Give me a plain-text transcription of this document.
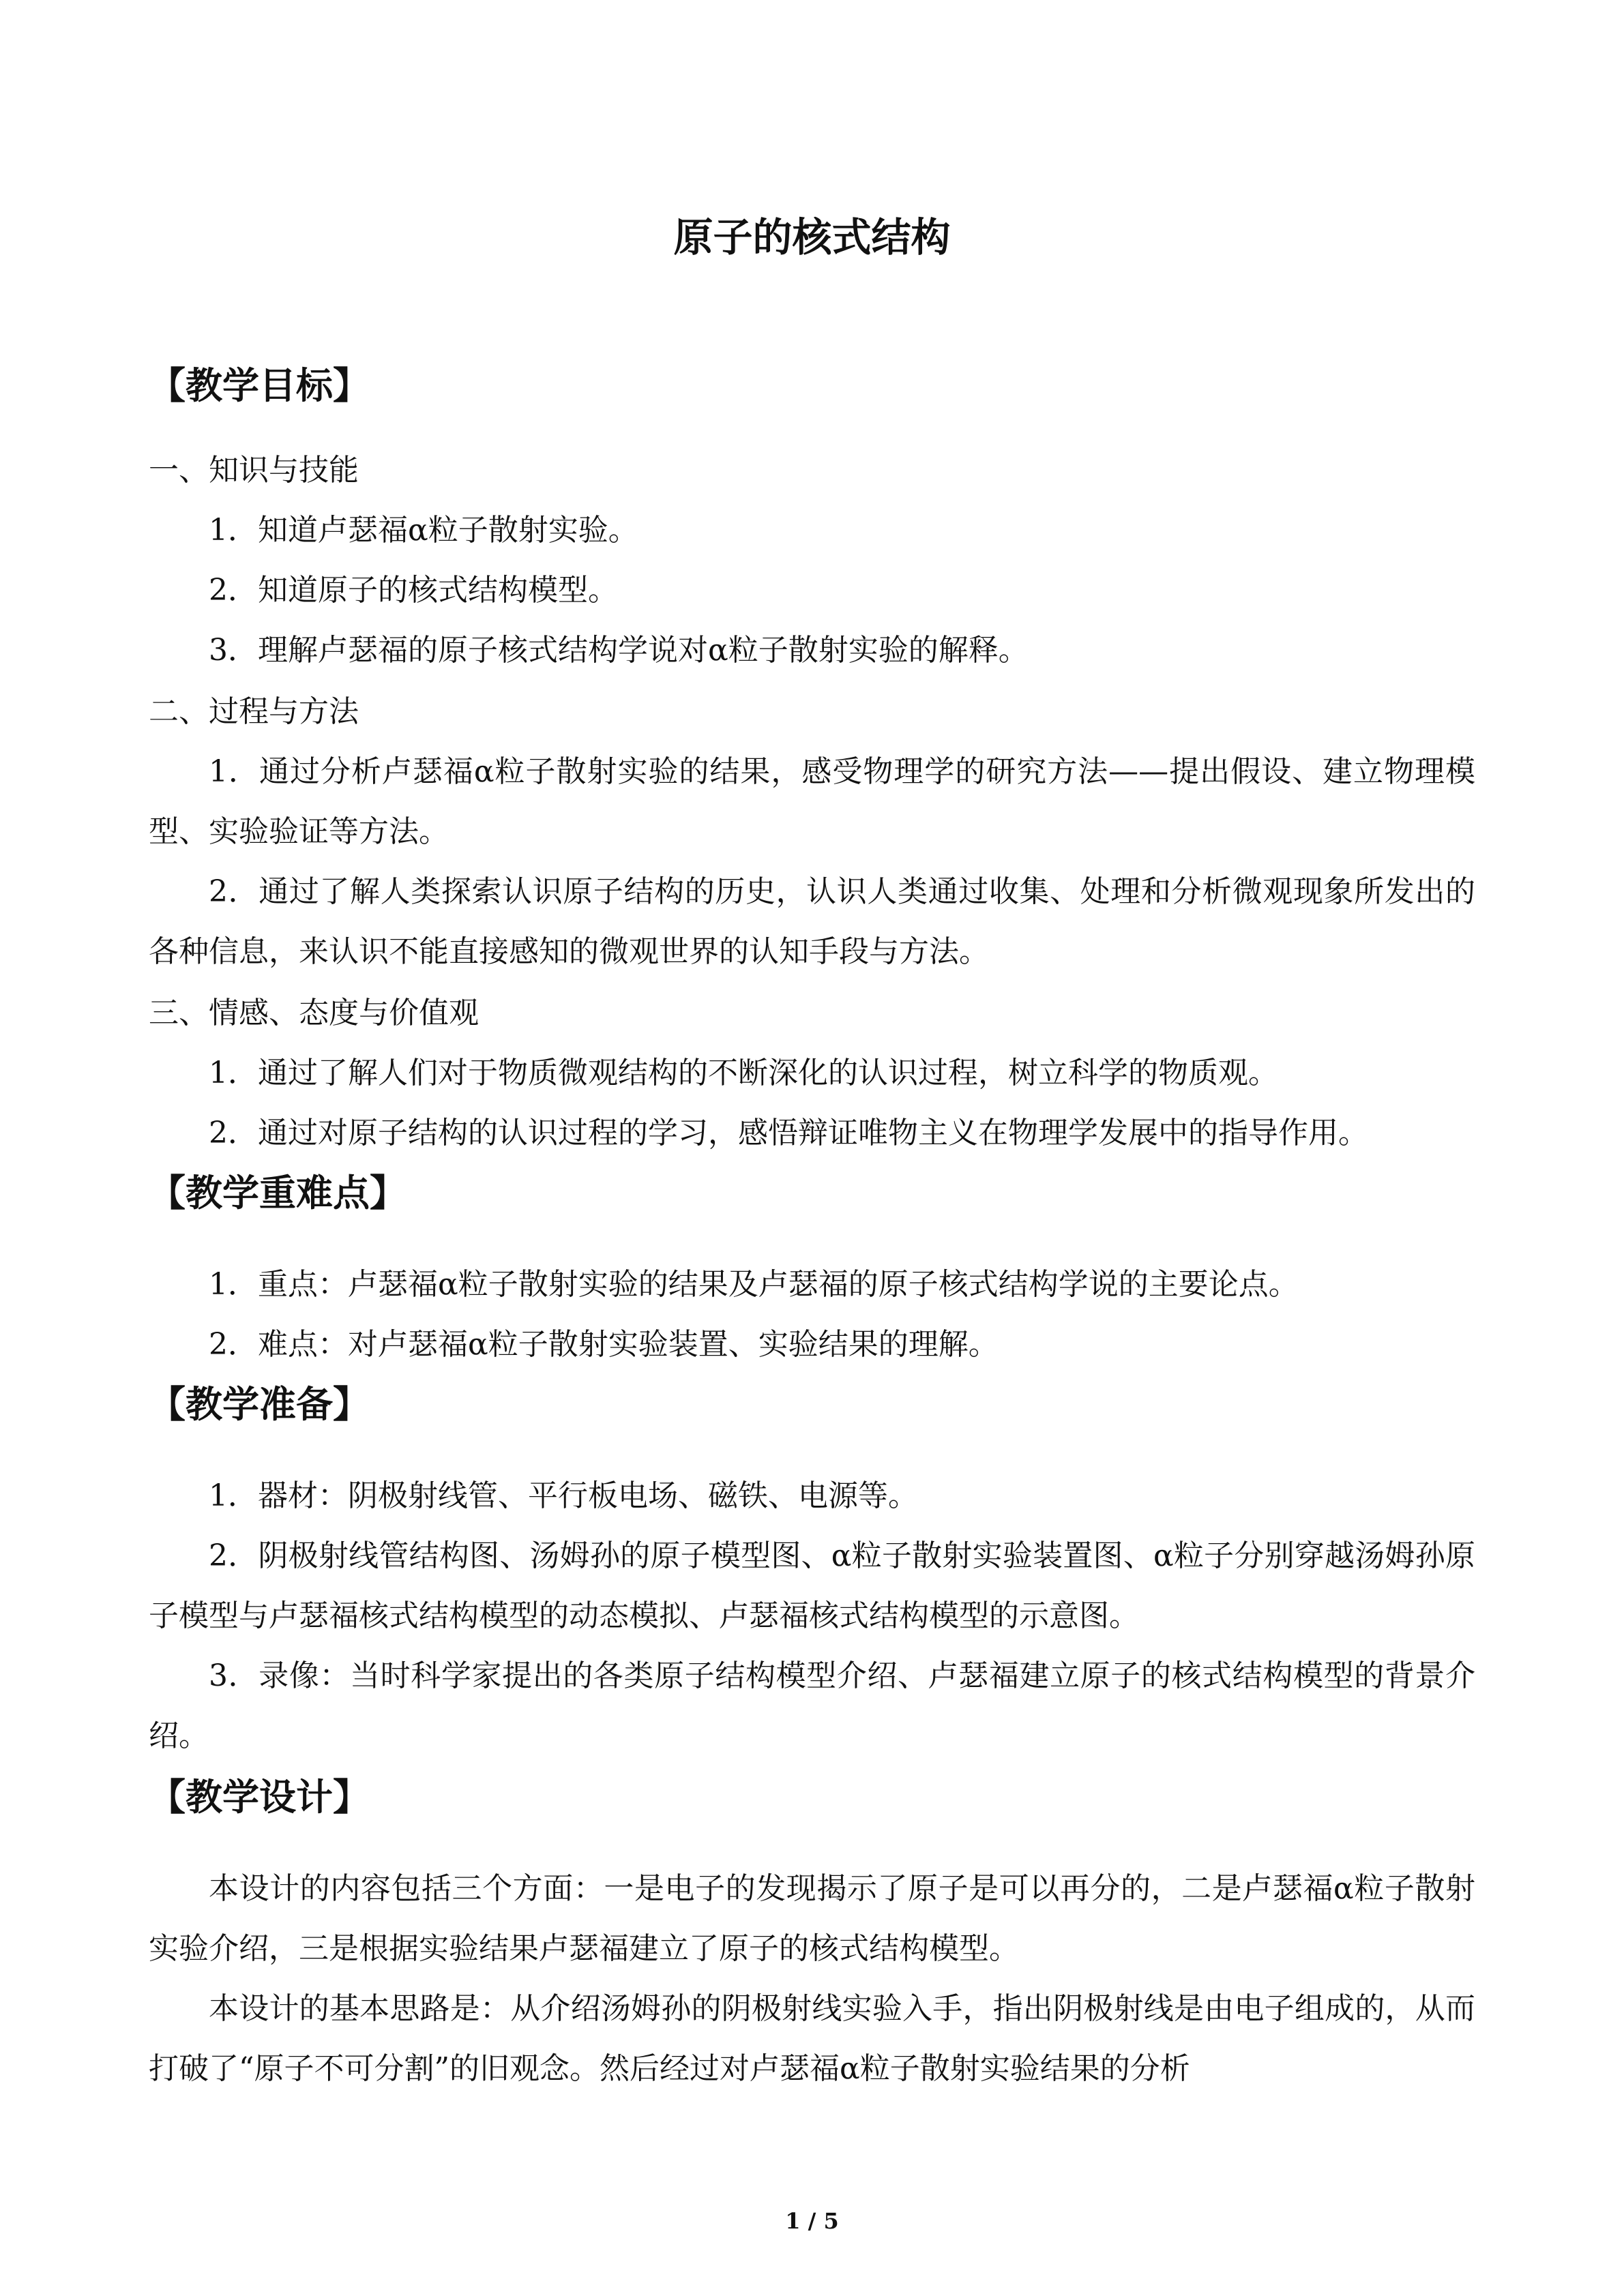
原子的核式结构
【教学目标】
一、知识与技能
1．知道卢瑟福α粒子散射实验。
2．知道原子的核式结构模型。
3．理解卢瑟福的原子核式结构学说对α粒子散射实验的解释。
二、过程与方法
1．通过分析卢瑟福α粒子散射实验的结果，感受物理学的研究方法——提出假设、建立物理模型、实验验证等方法。
2．通过了解人类探索认识原子结构的历史，认识人类通过收集、处理和分析微观现象所发出的各种信息，来认识不能直接感知的微观世界的认知手段与方法。
三、情感、态度与价值观
1．通过了解人们对于物质微观结构的不断深化的认识过程，树立科学的物质观。
2．通过对原子结构的认识过程的学习，感悟辩证唯物主义在物理学发展中的指导作用。
【教学重难点】
1．重点：卢瑟福α粒子散射实验的结果及卢瑟福的原子核式结构学说的主要论点。
2．难点：对卢瑟福α粒子散射实验装置、实验结果的理解。
【教学准备】
1．器材：阴极射线管、平行板电场、磁铁、电源等。
2．阴极射线管结构图、汤姆孙的原子模型图、α粒子散射实验装置图、α粒子分别穿越汤姆孙原子模型与卢瑟福核式结构模型的动态模拟、卢瑟福核式结构模型的示意图。
3．录像：当时科学家提出的各类原子结构模型介绍、卢瑟福建立原子的核式结构模型的背景介绍。
【教学设计】
本设计的内容包括三个方面：一是电子的发现揭示了原子是可以再分的，二是卢瑟福α粒子散射实验介绍，三是根据实验结果卢瑟福建立了原子的核式结构模型。
本设计的基本思路是：从介绍汤姆孙的阴极射线实验入手，指出阴极射线是由电子组成的，从而打破了“原子不可分割”的旧观念。然后经过对卢瑟福α粒子散射实验结果的分析
1 / 5
